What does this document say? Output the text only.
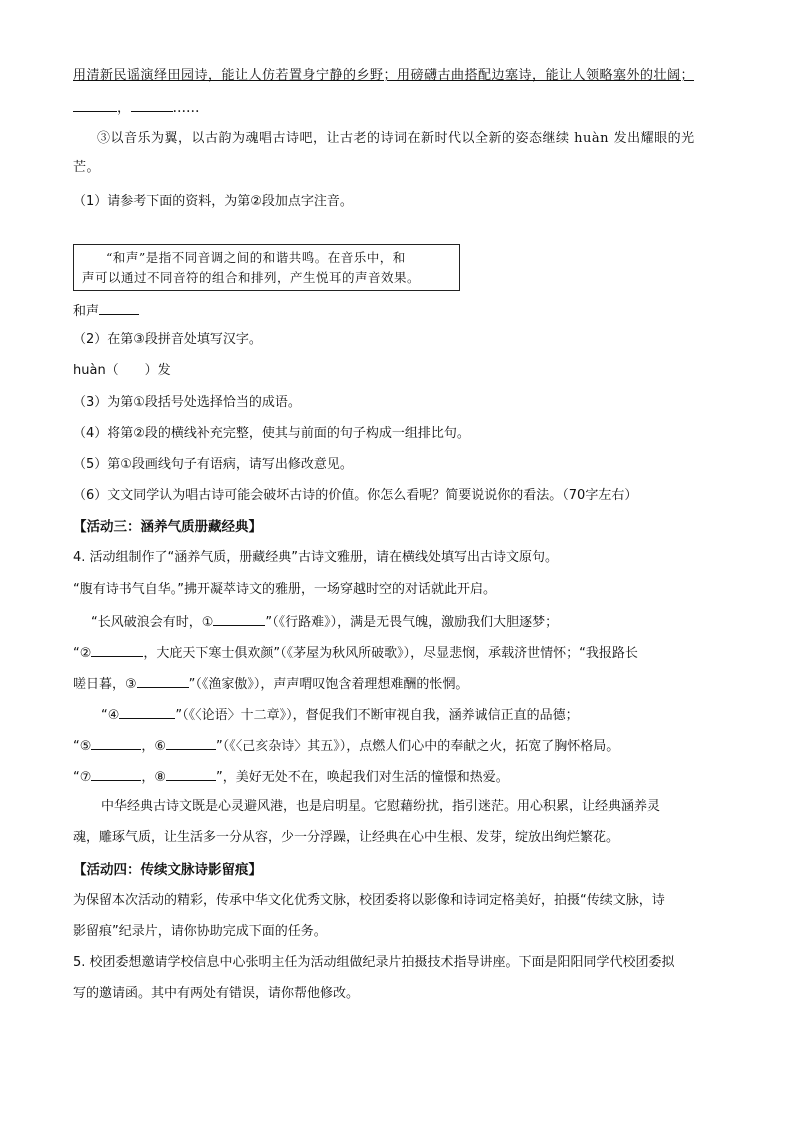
用清新民谣演绎田园诗，能让人仿若置身宁静的乡野；用磅礴古曲搭配边塞诗，能让人领略塞外的壮阔；
，	……
③以音乐为翼，以古韵为魂唱古诗吧，让古老的诗词在新时代以全新的姿态继续 huàn 发出耀眼的光
芒。
（1）请参考下面的资料，为第②段加点字注音。
“和声”是指不同音调之间的和谐共鸣。在音乐中，和
声可以通过不同音符的组合和排列，产生悦耳的声音效果。
和声
（2）在第③段拼音处填写汉字。
huàn（　　）发
（3）为第①段括号处选择恰当的成语。
（4）将第②段的横线补充完整，使其与前面的句子构成一组排比句。
（5）第①段画线句子有语病，请写出修改意见。
（6）文文同学认为唱古诗可能会破坏古诗的价值。你怎么看呢？简要说说你的看法。（70字左右）
【活动三：涵养气质册藏经典】
4. 活动组制作了“涵养气质，册藏经典”古诗文雅册，请在横线处填写出古诗文原句。
“腹有诗书气自华。”拂开凝萃诗文的雅册，一场穿越时空的对话就此开启。
“长风破浪会有时，①	”（《行路难》），满是无畏气魄，激励我们大胆逐梦；
“②	，大庇天下寒士俱欢颜”（《茅屋为秋风所破歌》），尽显悲悯，承载济世情怀；“我报路长
嗟日暮，③	”（《渔家傲》），声声喟叹饱含着理想难酬的怅惘。
“④	”（《〈论语〉十二章》），督促我们不断审视自我，涵养诚信正直的品德；
“⑤	，⑥	”（《〈己亥杂诗〉其五》），点燃人们心中的奉献之火，拓宽了胸怀格局。
“⑦	，⑧	”，美好无处不在，唤起我们对生活的憧憬和热爱。
中华经典古诗文既是心灵避风港，也是启明星。它慰藉纷扰，指引迷茫。用心积累，让经典涵养灵
魂，雕琢气质，让生活多一分从容，少一分浮躁，让经典在心中生根、发芽，绽放出绚烂繁花。
【活动四：传续文脉诗影留痕】
为保留本次活动的精彩，传承中华文化优秀文脉，校团委将以影像和诗词定格美好，拍摄“传续文脉，诗
影留痕”纪录片，请你协助完成下面的任务。
5. 校团委想邀请学校信息中心张明主任为活动组做纪录片拍摄技术指导讲座。下面是阳阳同学代校团委拟
写的邀请函。其中有两处有错误，请你帮他修改。
